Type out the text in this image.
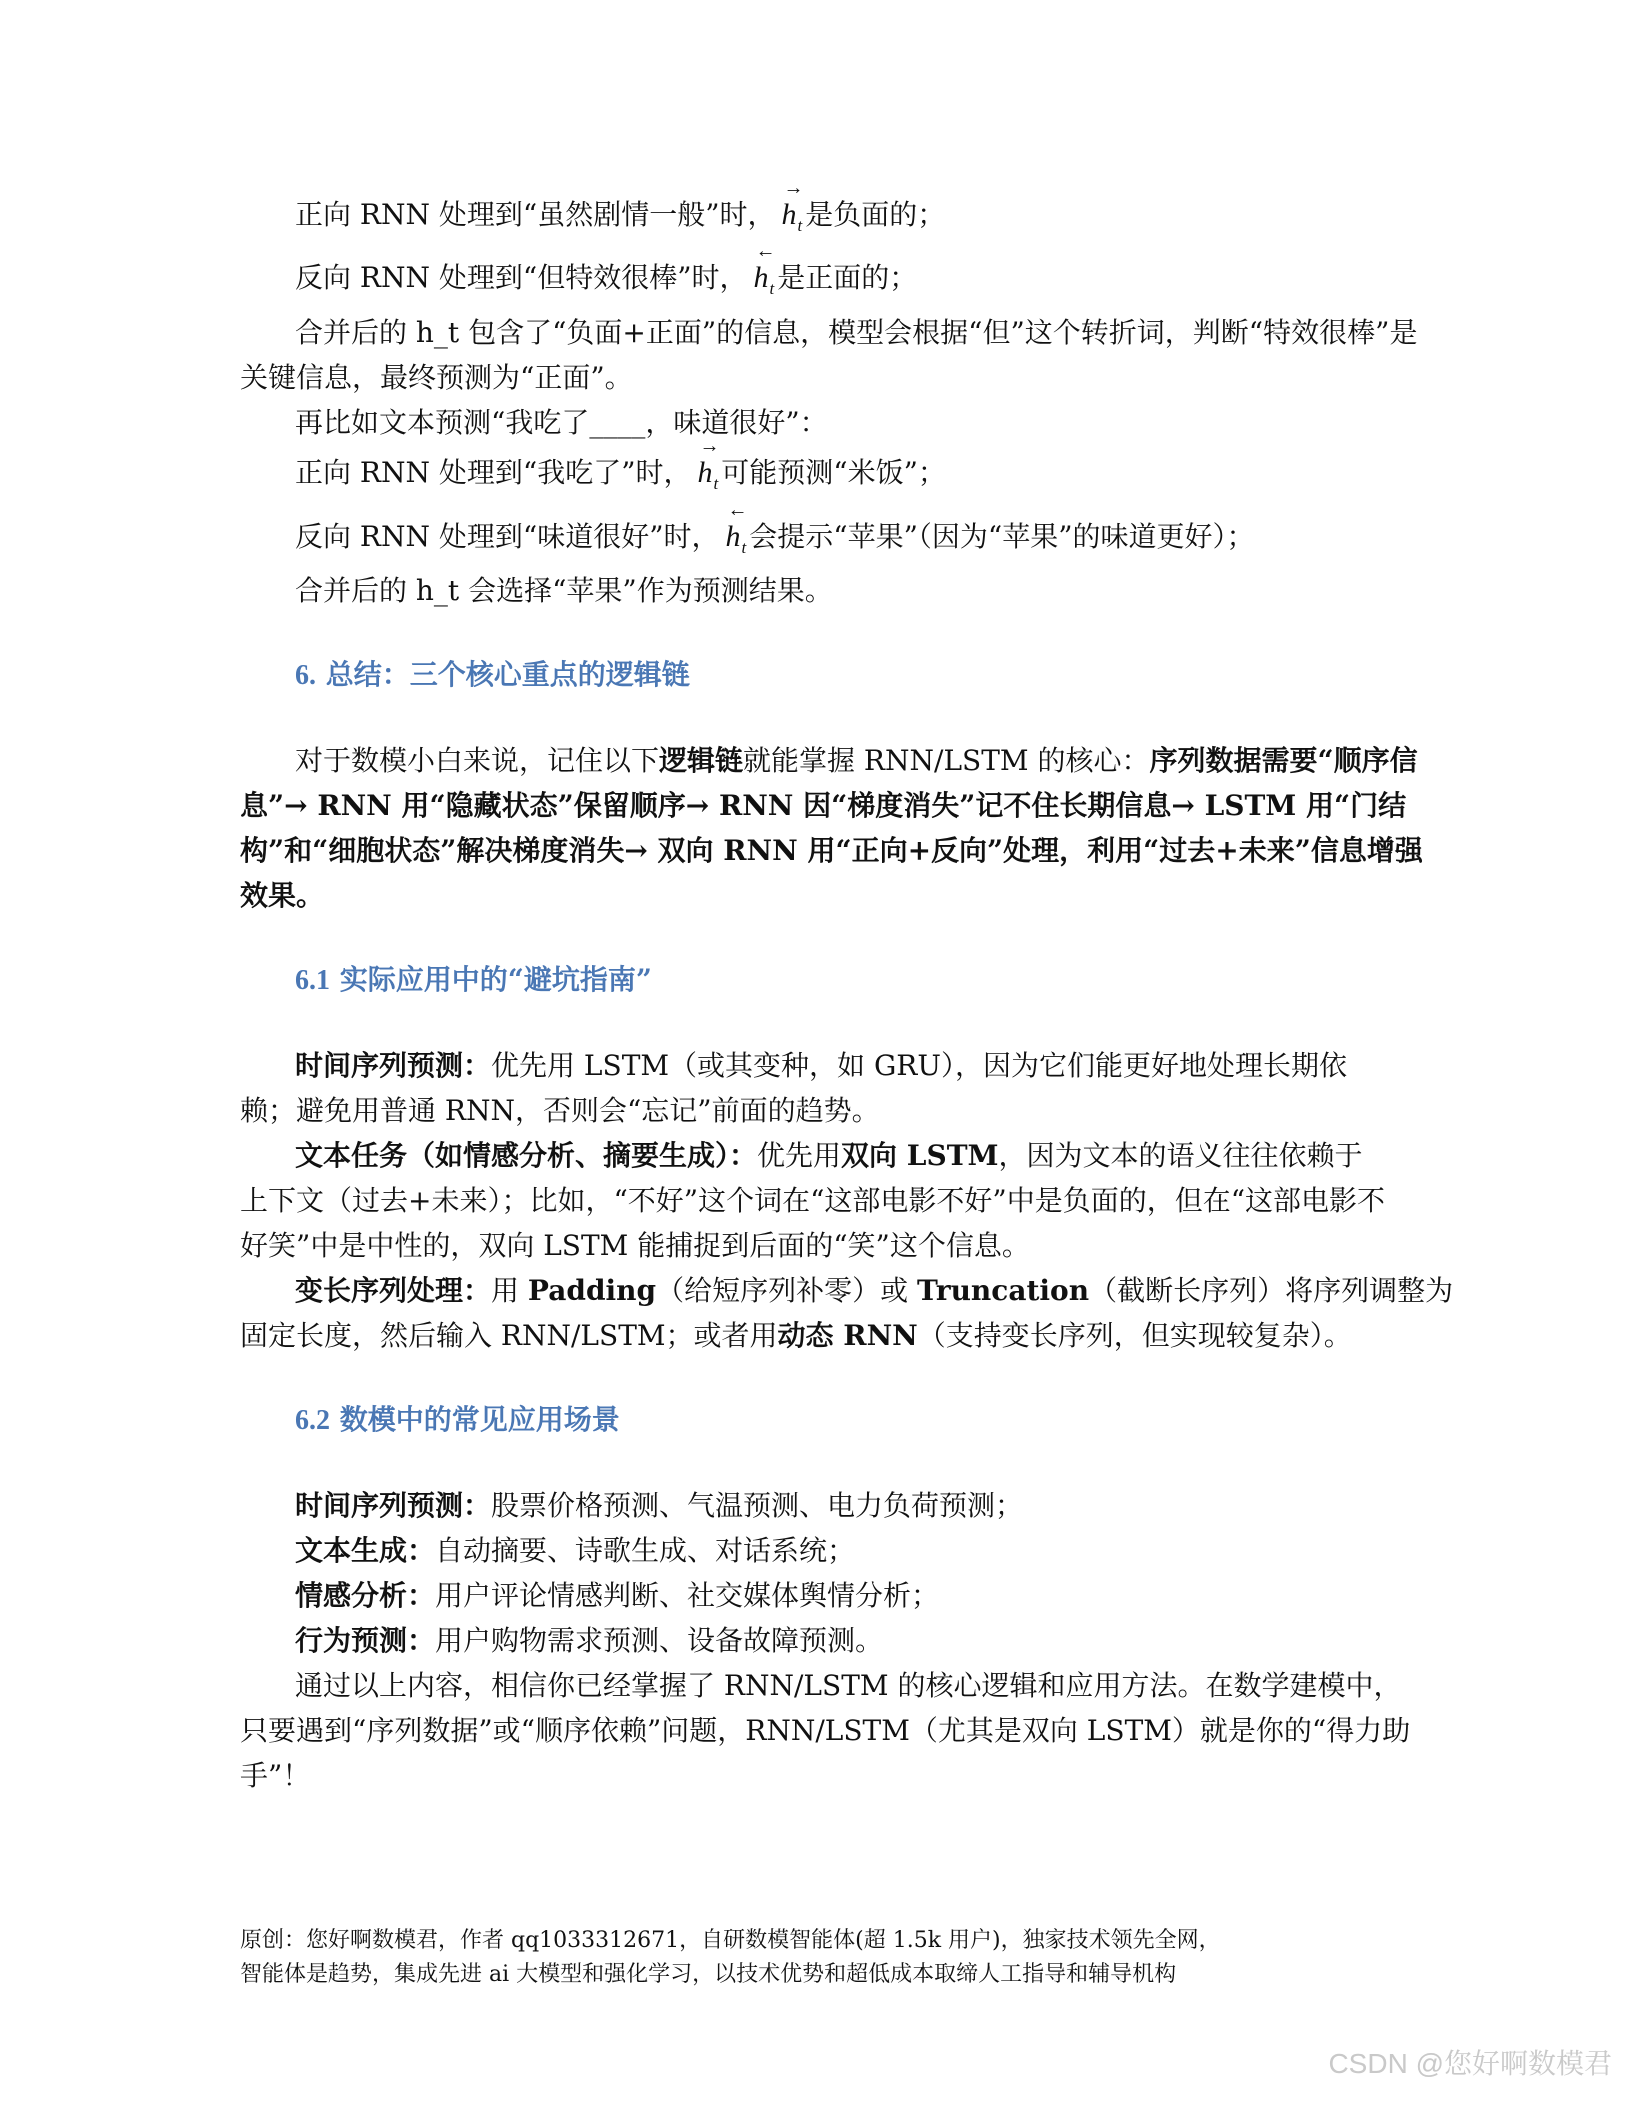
正向 RNN 处理到“虽然剧情一般”时，
→
$h_t$ 是负面的；
反向 RNN 处理到“但特效很棒”时，
←
$h_t$ 是正面的；
合并后的 h_t 包含了“负面+正面”的信息，模型会根据“但”这个转折词，判断“特效很棒”是
关键信息，最终预测为“正面”。
再比如文本预测“我吃了____，味道很好”：
正向 RNN 处理到“我吃了”时，
→
$h_t$ 可能预测“米饭”；
反向 RNN 处理到“味道很好”时，
←
$h_t$ 会提示“苹果”（因为“苹果”的味道更好）；
合并后的 h_t 会选择“苹果”作为预测结果。
6. 总结：三个核心重点的逻辑链
对于数模小白来说，记住以下逻辑链就能掌握 RNN/LSTM 的核心：序列数据需要“顺序信
息”→ RNN 用“隐藏状态”保留顺序→ RNN 因“梯度消失”记不住长期信息→ LSTM 用“门结
构”和“细胞状态”解决梯度消失→ 双向 RNN 用“正向+反向”处理，利用“过去+未来”信息增强
效果。
6.1 实际应用中的“避坑指南”
时间序列预测：优先用 LSTM（或其变种，如 GRU），因为它们能更好地处理长期依
赖；避免用普通 RNN，否则会“忘记”前面的趋势。
文本任务（如情感分析、摘要生成）：优先用双向 LSTM，因为文本的语义往往依赖于
上下文（过去+未来）；比如，“不好”这个词在“这部电影不好”中是负面的，但在“这部电影不
好笑”中是中性的，双向 LSTM 能捕捉到后面的“笑”这个信息。
变长序列处理：用 Padding（给短序列补零）或 Truncation（截断长序列）将序列调整为
固定长度，然后输入 RNN/LSTM；或者用动态 RNN（支持变长序列，但实现较复杂）。
6.2 数模中的常见应用场景
时间序列预测：股票价格预测、气温预测、电力负荷预测；
文本生成：自动摘要、诗歌生成、对话系统；
情感分析：用户评论情感判断、社交媒体舆情分析；
行为预测：用户购物需求预测、设备故障预测。
通过以上内容，相信你已经掌握了 RNN/LSTM 的核心逻辑和应用方法。在数学建模中，
只要遇到“序列数据”或“顺序依赖”问题，RNN/LSTM（尤其是双向 LSTM）就是你的“得力助
手”！
原创：您好啊数模君，作者 qq1033312671，自研数模智能体(超 1.5k 用户)，独家技术领先全网，
智能体是趋势，集成先进 ai 大模型和强化学习，以技术优势和超低成本取缔人工指导和辅导机构
CSDN @您好啊数模君
